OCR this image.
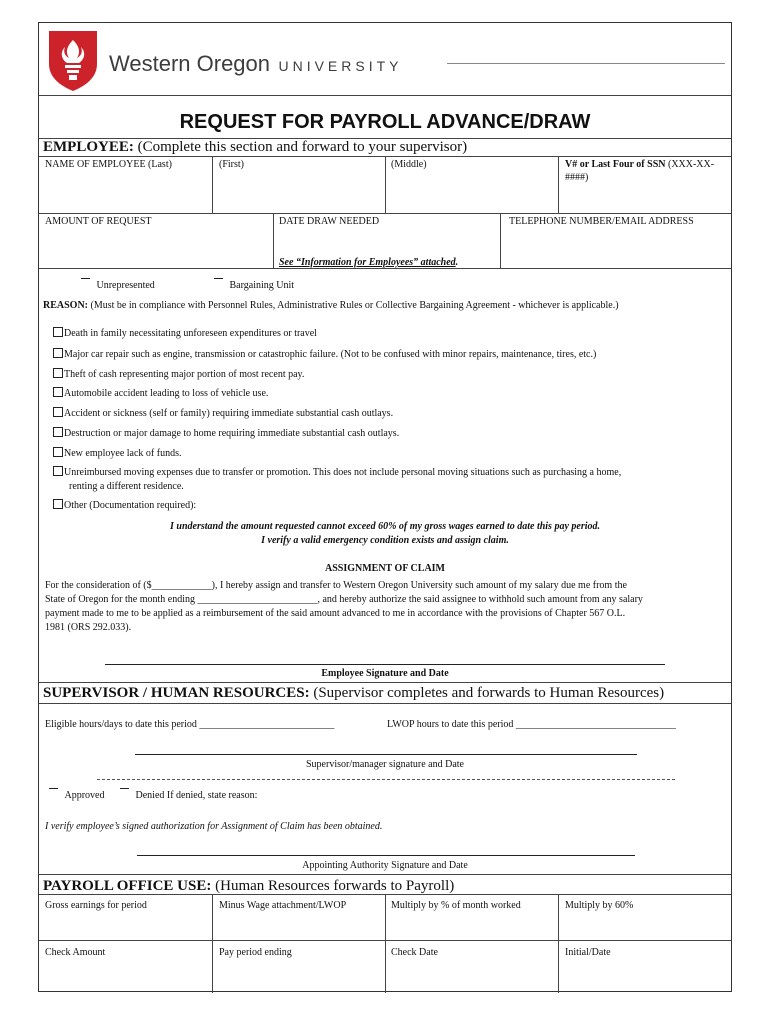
Western Oregon UNIVERSITY
REQUEST FOR PAYROLL ADVANCE/DRAW
EMPLOYEE: (Complete this section and forward to your supervisor)
NAME OF EMPLOYEE (Last)	(First)	(Middle)	V# or Last Four of SSN (XXX-XX-####)
AMOUNT OF REQUEST	DATE DRAW NEEDED	TELEPHONE NUMBER/EMAIL ADDRESS
See “Information for Employees” attached.
Unrepresented	Bargaining Unit
REASON: (Must be in compliance with Personnel Rules, Administrative Rules or Collective Bargaining Agreement - whichever is applicable.)
Death in family necessitating unforeseen expenditures or travel
Major car repair such as engine, transmission or catastrophic failure. (Not to be confused with minor repairs, maintenance, tires, etc.)
Theft of cash representing major portion of most recent pay.
Automobile accident leading to loss of vehicle use.
Accident or sickness (self or family) requiring immediate substantial cash outlays.
Destruction or major damage to home requiring immediate substantial cash outlays.
New employee lack of funds.
Unreimbursed moving expenses due to transfer or promotion. This does not include personal moving situations such as purchasing a home,
renting a different residence.
Other (Documentation required):
I understand the amount requested cannot exceed 60% of my gross wages earned to date this pay period.
I verify a valid emergency condition exists and assign claim.
ASSIGNMENT OF CLAIM
For the consideration of ($____________), I hereby assign and transfer to Western Oregon University such amount of my salary due me from the
State of Oregon for the month ending ________________________, and hereby authorize the said assignee to withhold such amount from any salary
payment made to me to be applied as a reimbursement of the said amount advanced to me in accordance with the provisions of Chapter 567 O.L.
1981 (ORS 292.033).
Employee Signature and Date
SUPERVISOR / HUMAN RESOURCES: (Supervisor completes and forwards to Human Resources)
Eligible hours/days to date this period ___________________________	LWOP hours to date this period ________________________________
Supervisor/manager signature and Date
Approved	Denied If denied, state reason:
I verify employee’s signed authorization for Assignment of Claim has been obtained.
Appointing Authority Signature and Date
PAYROLL OFFICE USE: (Human Resources forwards to Payroll)
Gross earnings for period	Minus Wage attachment/LWOP	Multiply by % of month worked	Multiply by 60%
Check Amount	Pay period ending	Check Date	Initial/Date
